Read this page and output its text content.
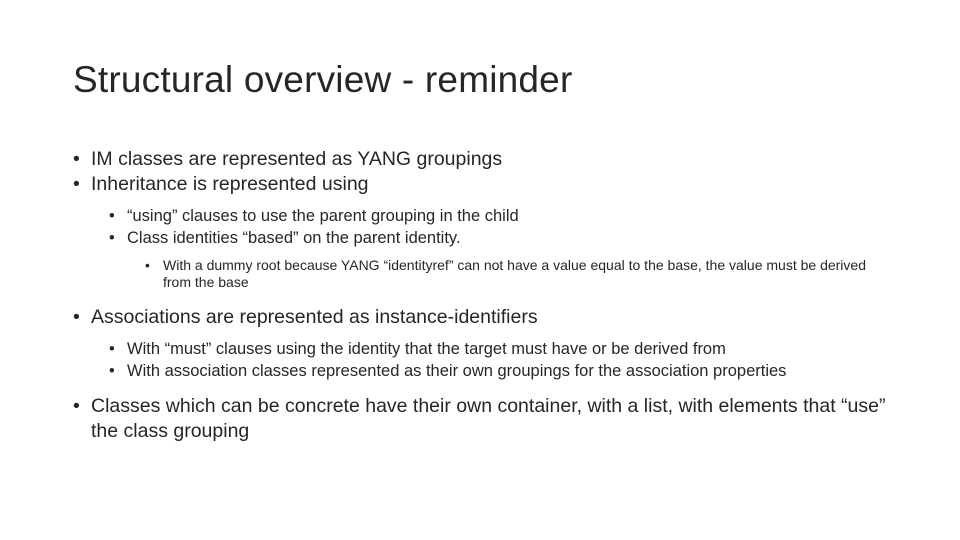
Structural overview - reminder
• IM classes are represented as YANG groupings
• Inheritance is represented using
• “using” clauses to use the parent grouping in the child
• Class identities “based” on the parent identity.
• With a dummy root because YANG “identityref” can not have a value equal to the base, the value must be derived from the base
• Associations are represented as instance-identifiers
• With “must” clauses using the identity that the target must have or be derived from
• With association classes represented as their own groupings for the association properties
• Classes which can be concrete have their own container, with a list, with elements that “use” the class grouping
